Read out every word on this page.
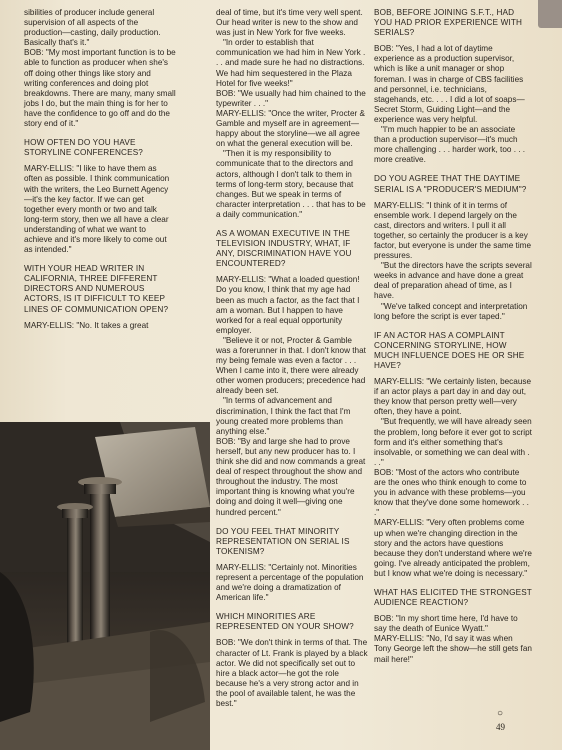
sibilities of producer include general supervision of all aspects of the production—casting, daily production. Basically that's it."

BOB: "My most important function is to be able to function as producer when she's off doing other things like story and writing conferences and doing plot breakdowns. There are many, many small jobs I do, but the main thing is for her to have the confidence to go off and do the story end of it."

HOW OFTEN DO YOU HAVE STORYLINE CONFERENCES?

MARY-ELLIS: "I like to have them as often as possible. I think communication with the writers, the Leo Burnett Agency—it's the key factor. If we can get together every month or two and talk long-term story, then we all have a clear understanding of what we want to achieve and it's more likely to come out as intended."

WITH YOUR HEAD WRITER IN CALIFORNIA, THREE DIFFERENT DIRECTORS AND NUMEROUS ACTORS, IS IT DIFFICULT TO KEEP LINES OF COMMUNICATION OPEN?

MARY-ELLIS: "No. It takes a great

deal of time, but it's time very well spent. Our head writer is new to the show and was just in New York for five weeks.

"In order to establish that communication we had him in New York . . . and made sure he had no distractions. We had him sequestered in the Plaza Hotel for five weeks!"

BOB: "We usually had him chained to the typewriter . . ."

MARY-ELLIS: "Once the writer, Procter & Gamble and myself are in agreement—happy about the storyline—we all agree on what the general execution will be.

"Then it is my responsibility to communicate that to the directors and actors, although I don't talk to them in terms of long-term story, because that changes. But we speak in terms of character interpretation . . . that has to be a daily communication."

AS A WOMAN EXECUTIVE IN THE TELEVISION INDUSTRY, WHAT, IF ANY, DISCRIMINATION HAVE YOU ENCOUNTERED?

MARY-ELLIS: "What a loaded question! Do you know, I think that my age had been as much a factor, as the fact that I am a woman. But I happen to have worked for a real equal opportunity employer.

"Believe it or not, Procter & Gamble was a forerunner in that. I don't know that my being female was even a factor . . . When I came into it, there were already other women producers; precedence had already been set.

"In terms of advancement and discrimination, I think the fact that I'm young created more problems than anything else."

BOB: "By and large she had to prove herself, but any new producer has to. I think she did and now commands a great deal of respect throughout the show and throughout the industry. The most important thing is knowing what you're doing and doing it well—giving one hundred percent."

DO YOU FEEL THAT MINORITY REPRESENTATION ON SERIAL IS TOKENISM?

MARY-ELLIS: "Certainly not. Minorities represent a percentage of the population and we're doing a dramatization of American life."

WHICH MINORITIES ARE REPRESENTED ON YOUR SHOW?

BOB: "We don't think in terms of that. The character of Lt. Frank is played by a black actor. We did not specifically set out to hire a black actor—he got the role because he's a very strong actor and in the pool of available talent, he was the best."

BOB, BEFORE JOINING S.F.T., HAD YOU HAD PRIOR EXPERIENCE WITH SERIALS?

BOB: "Yes, I had a lot of daytime experience as a production supervisor, which is like a unit manager or shop foreman. I was in charge of CBS facilities and personnel, i.e. technicians, stagehands, etc. . . . I did a lot of soaps—Secret Storm, Guiding Light—and the experience was very helpful.

"I'm much happier to be an associate than a production supervisor—it's much more challenging . . . harder work, too . . . more creative.

DO YOU AGREE THAT THE DAYTIME SERIAL IS A "PRODUCER'S MEDIUM"?

MARY-ELLIS: "I think of it in terms of ensemble work. I depend largely on the cast, directors and writers. I pull it all together, so certainly the producer is a key factor, but everyone is under the same time pressures.

"But the directors have the scripts several weeks in advance and have done a great deal of preparation ahead of time, as I have.

"We've talked concept and interpretation long before the script is ever taped."

IF AN ACTOR HAS A COMPLAINT CONCERNING STORYLINE, HOW MUCH INFLUENCE DOES HE OR SHE HAVE?

MARY-ELLIS: "We certainly listen, because if an actor plays a part day in and day out, they know that person pretty well—very often, they have a point.

"But frequently, we will have already seen the problem, long before it ever got to script form and it's either something that's insolvable, or something we can deal with . . ."

BOB: "Most of the actors who contribute are the ones who think enough to come to you in advance with these problems—you know that they've done some homework . . ."

MARY-ELLIS: "Very often problems come up when we're changing direction in the story and the actors have questions because they don't understand where we're going. I've already anticipated the problem, but I know what we're doing is necessary."

WHAT HAS ELICITED THE STRONGEST AUDIENCE REACTION?

BOB: "In my short time here, I'd have to say the death of Eunice Wyatt."

MARY-ELLIS: "No, I'd say it was when Tony George left the show—he still gets fan mail here!"

○
49
